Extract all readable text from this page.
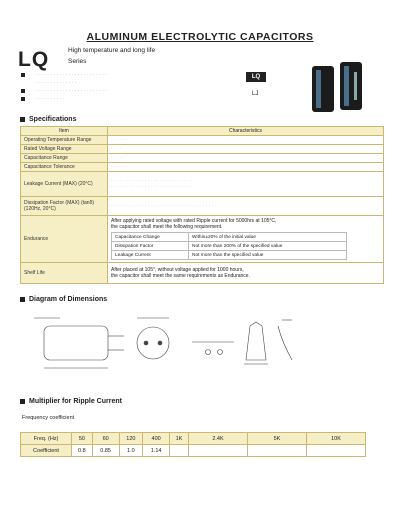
ALUMINUM ELECTROLYTIC CAPACITORS
LQ	High temperature and long life
Series
· · · · · · · · · · · · · · · · · · · · · · · ·
· · · · · · · · · · · · · ·
· · · · · · · · · · · · · · · · · · · · · · · ·
· · · · · · · · · ·
LQ
LJ
Specifications
Item	Characteristics
Operating Temperature Range	· · · · · ·
Rated Voltage Range	· · · ·
Capacitance Range	· · · · ·
Capacitance Tolerance	· · · · ·
Leakage Current (MAX) (20°C)	· · · · · · · · · · · · · · · · · · · · · · · · · · ·
· · · · · · · · · · · · · · · · · · · · · · · · · · ·
Dissipation Factor (MAX) (tanδ) (120Hz, 20°C)	· · · · · · · · · · · · · · · · · · · · · · · · · · · · · · · · · · ·
Endurance	
After applying rated voltage with rated Ripple current for 5000hrs at 105°C,
the capacitor shall meet the following requirement.
Capacitance Change	Within±20% of the initial value
Dissipation Factor	Not more than 200% of the specified value
Leakage Current	Not more than the specified value

Shelf Life	After placed at 105°, without voltage applied for 1000 hours,
the capacitor shall meet the same requirements as Endurance.
Diagram of Dimensions
Multiplier for Ripple Current
Frequency coefficient
Freq. (Hz)	50	60	120	400	1K	2.4K	5K	10K
Coefficient	0.8	0.85	1.0	1.14				
